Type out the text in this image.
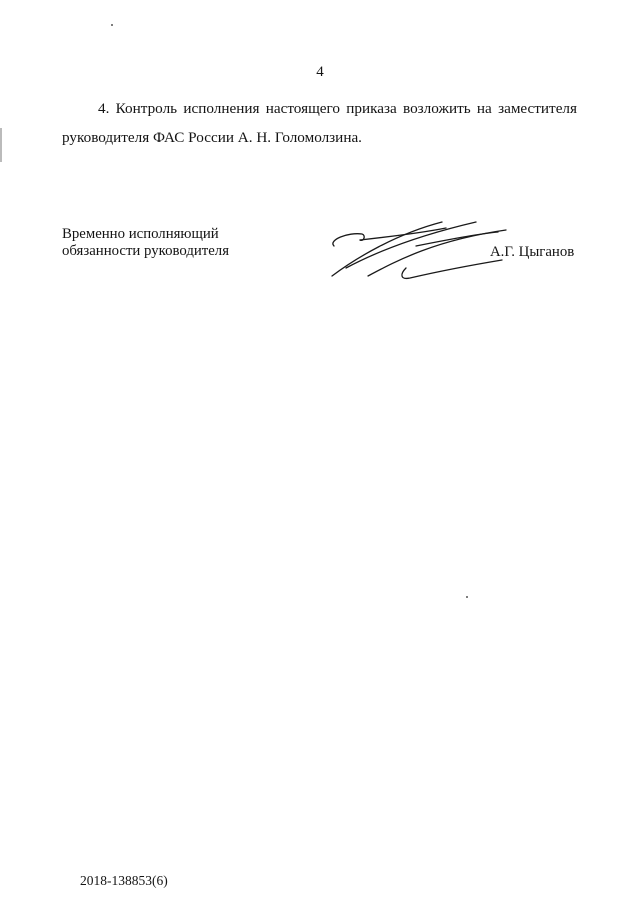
4

4. Контроль исполнения настоящего приказа возложить на заместителя руководителя ФАС России А. Н. Голомолзина.

Временно исполняющий
обязанности руководителя	А.Г. Цыганов
2018-138853(6)
